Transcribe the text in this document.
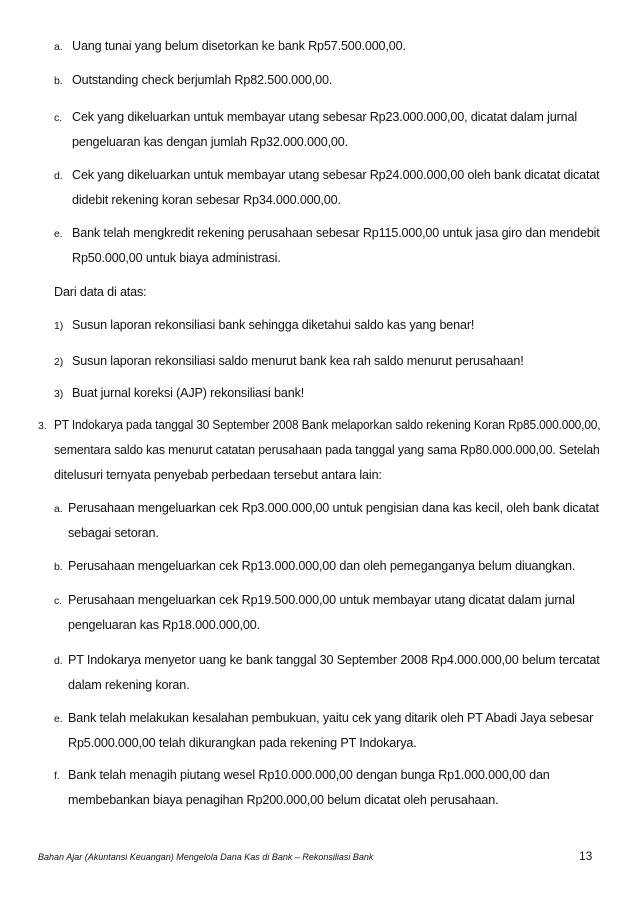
a. Uang tunai yang belum disetorkan ke bank Rp57.500.000,00.
b. Outstanding check berjumlah Rp82.500.000,00.
c. Cek yang dikeluarkan untuk membayar utang sebesar Rp23.000.000,00, dicatat dalam jurnal
pengeluaran kas dengan jumlah Rp32.000.000,00.
d. Cek yang dikeluarkan untuk membayar utang sebesar Rp24.000.000,00 oleh bank dicatat dicatat
didebit rekening koran sebesar Rp34.000.000,00.
e. Bank telah mengkredit rekening perusahaan sebesar Rp115.000,00 untuk jasa giro dan mendebit
Rp50.000,00 untuk biaya administrasi.
Dari data di atas:
1) Susun laporan rekonsiliasi bank sehingga diketahui saldo kas yang benar!
2) Susun laporan rekonsiliasi saldo menurut bank kea rah saldo menurut perusahaan!
3) Buat jurnal koreksi (AJP) rekonsiliasi bank!
3. PT Indokarya pada tanggal 30 September 2008 Bank melaporkan saldo rekening Koran Rp85.000.000,00,
sementara saldo kas menurut catatan perusahaan pada tanggal yang sama Rp80.000.000,00. Setelah
ditelusuri ternyata penyebab perbedaan tersebut antara lain:
a. Perusahaan mengeluarkan cek Rp3.000.000,00 untuk pengisian dana kas kecil, oleh bank dicatat
sebagai setoran.
b. Perusahaan mengeluarkan cek Rp13.000.000,00 dan oleh pemeganganya belum diuangkan.
c. Perusahaan mengeluarkan cek Rp19.500.000,00 untuk membayar utang dicatat dalam jurnal
pengeluaran kas Rp18.000.000,00.
d. PT Indokarya menyetor uang ke bank tanggal 30 September 2008 Rp4.000.000,00 belum tercatat
dalam rekening koran.
e. Bank telah melakukan kesalahan pembukuan, yaitu cek yang ditarik oleh PT Abadi Jaya sebesar
Rp5.000.000,00 telah dikurangkan pada rekening PT Indokarya.
f. Bank telah menagih piutang wesel Rp10.000.000,00 dengan bunga Rp1.000.000,00 dan
membebankan biaya penagihan Rp200.000,00 belum dicatat oleh perusahaan.
Bahan Ajar (Akuntansi Keuangan) Mengelola Dana Kas di Bank – Rekonsiliasi Bank	13
